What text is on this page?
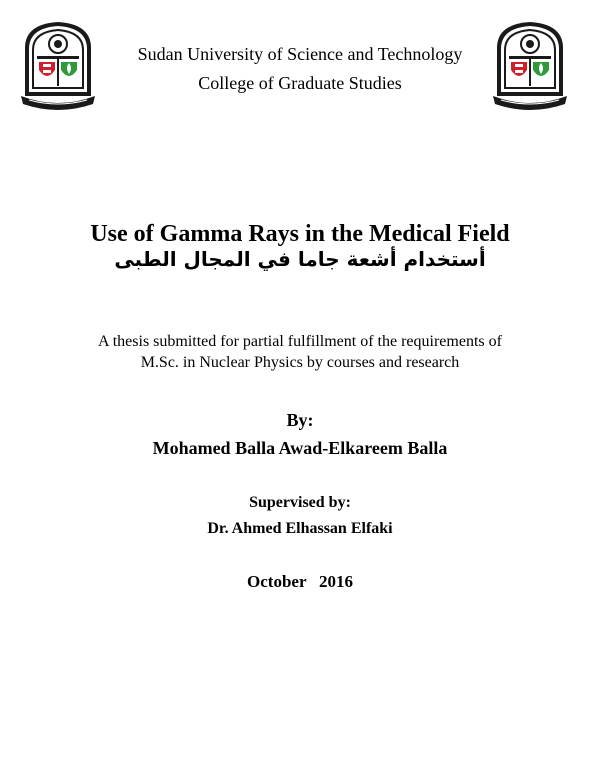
Sudan University of Science and Technology
College of Graduate Studies
Use of Gamma Rays in the Medical Field
أستخدام أشعة جاما في المجال الطبى
A thesis submitted for partial fulfillment of the requirements of
M.Sc. in Nuclear Physics by courses and research
By:
Mohamed Balla Awad-Elkareem Balla
Supervised by:
Dr. Ahmed Elhassan Elfaki
October   2016
